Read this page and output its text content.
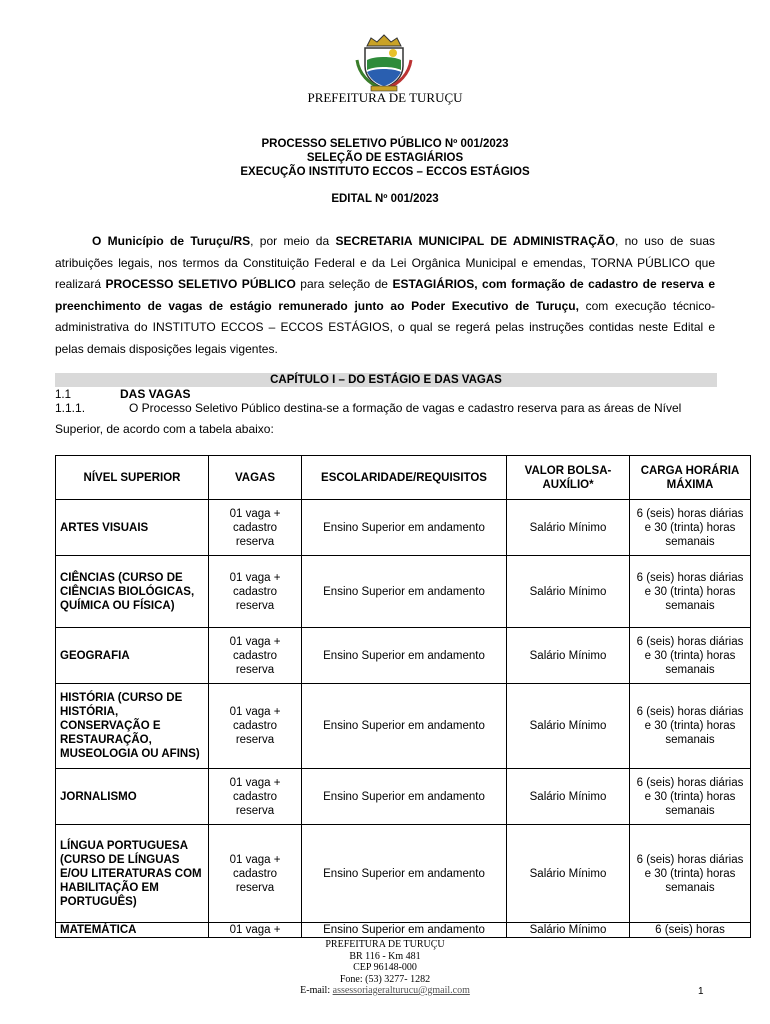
PREFEITURA DE TURUÇU
PROCESSO SELETIVO PÚBLICO Nº 001/2023
SELEÇÃO DE ESTAGIÁRIOS
EXECUÇÃO INSTITUTO ECCOS – ECCOS ESTÁGIOS
EDITAL Nº 001/2023
O Município de Turuçu/RS, por meio da SECRETARIA MUNICIPAL DE ADMINISTRAÇÃO, no uso de suas atribuições legais, nos termos da Constituição Federal e da Lei Orgânica Municipal e emendas, TORNA PÚBLICO que realizará PROCESSO SELETIVO PÚBLICO para seleção de ESTAGIÁRIOS, com formação de cadastro de reserva e preenchimento de vagas de estágio remunerado junto ao Poder Executivo de Turuçu, com execução técnico-administrativa do INSTITUTO ECCOS – ECCOS ESTÁGIOS, o qual se regerá pelas instruções contidas neste Edital e pelas demais disposições legais vigentes.
CAPÍTULO I – DO ESTÁGIO E DAS VAGAS
1.1	DAS VAGAS
1.1.1.	O Processo Seletivo Público destina-se a formação de vagas e cadastro reserva para as áreas de Nível Superior, de acordo com a tabela abaixo:
NÍVEL SUPERIOR	VAGAS	ESCOLARIDADE/REQUISITOS	VALOR BOLSA-AUXÍLIO*	CARGA HORÁRIA MÁXIMA
ARTES VISUAIS	01 vaga + cadastro reserva	Ensino Superior em andamento	Salário Mínimo	6 (seis) horas diárias e 30 (trinta) horas semanais
CIÊNCIAS (CURSO DE CIÊNCIAS BIOLÓGICAS, QUÍMICA OU FÍSICA)	01 vaga + cadastro reserva	Ensino Superior em andamento	Salário Mínimo	6 (seis) horas diárias e 30 (trinta) horas semanais
GEOGRAFIA	01 vaga + cadastro reserva	Ensino Superior em andamento	Salário Mínimo	6 (seis) horas diárias e 30 (trinta) horas semanais
HISTÓRIA (CURSO DE HISTÓRIA, CONSERVAÇÃO E RESTAURAÇÃO, MUSEOLOGIA OU AFINS)	01 vaga + cadastro reserva	Ensino Superior em andamento	Salário Mínimo	6 (seis) horas diárias e 30 (trinta) horas semanais
JORNALISMO	01 vaga + cadastro reserva	Ensino Superior em andamento	Salário Mínimo	6 (seis) horas diárias e 30 (trinta) horas semanais
LÍNGUA PORTUGUESA (CURSO DE LÍNGUAS E/OU LITERATURAS COM HABILITAÇÃO EM PORTUGUÊS)	01 vaga + cadastro reserva	Ensino Superior em andamento	Salário Mínimo	6 (seis) horas diárias e 30 (trinta) horas semanais
MATEMÁTICA	01 vaga +	Ensino Superior em andamento	Salário Mínimo	6 (seis) horas
PREFEITURA DE TURUÇU
BR 116 - Km 481
CEP 96148-000
Fone: (53) 3277- 1282
E-mail: assessoriageralturucu@gmail.com	1
